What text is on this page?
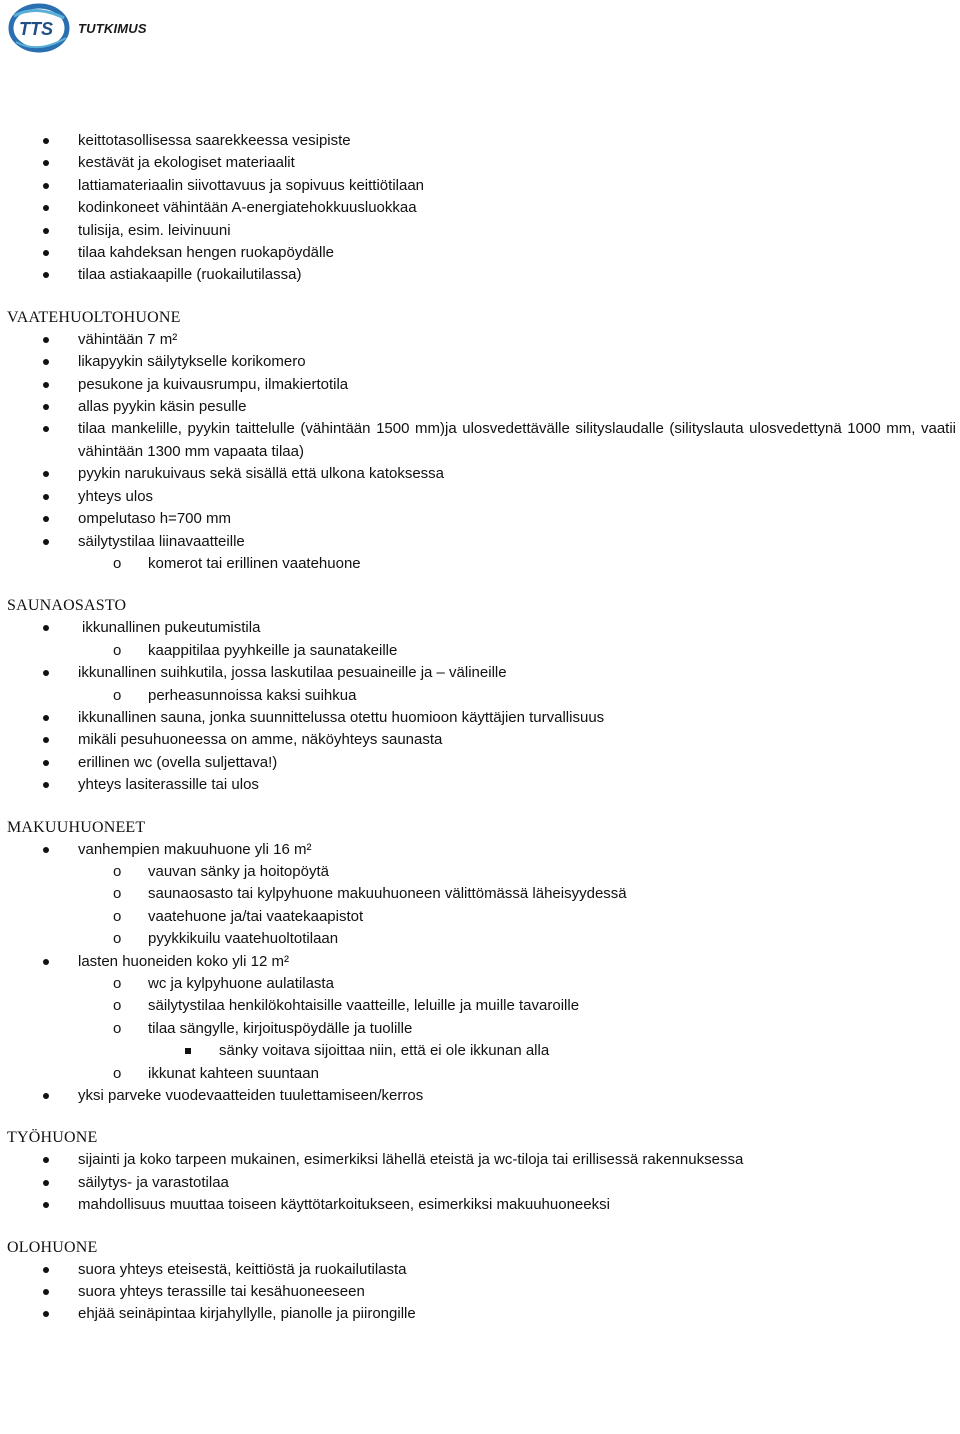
TTS TUTKIMUS
keittotasollisessa saarekkeessa vesipiste
kestävät ja ekologiset materiaalit
lattiamateriaalin siivottavuus ja sopivuus keittiötilaan
kodinkoneet vähintään A-energiatehokkuusluokkaa
tulisija, esim. leivinuuni
tilaa kahdeksan hengen ruokapöydälle
tilaa astiakaapille (ruokailutilassa)
VAATEHUOLTOHUONE
vähintään 7 m²
likapyykin säilytykselle korikomero
pesukone ja kuivausrumpu, ilmakiertotila
allas pyykin käsin pesulle
tilaa mankelille, pyykin taittelulle (vähintään 1500 mm)ja ulosvedettävälle silityslaudalle (silityslauta ulosvedettynä 1000 mm, vaatii vähintään 1300 mm vapaata tilaa)
pyykin narukuivaus sekä sisällä että ulkona katoksessa
yhteys ulos
ompelutaso h=700 mm
säilytystilaa liinavaatteille
o komerot tai erillinen vaatehuone
SAUNAOSASTO
ikkunallinen pukeutumistila
o kaappitilaa pyyhkeille ja saunatakeille
ikkunallinen suihkutila, jossa laskutilaa pesuaineille ja – välineille
o perheasunnoissa kaksi suihkua
ikkunallinen sauna, jonka suunnittelussa otettu huomioon käyttäjien turvallisuus
mikäli pesuhuoneessa on amme, näköyhteys saunasta
erillinen wc (ovella suljettava!)
yhteys lasiterassille tai ulos
MAKUUHUONEET
vanhempien makuuhuone yli 16 m²
o vauvan sänky ja hoitopöytä
o saunaosasto tai kylpyhuone makuuhuoneen välittömässä läheisyydessä
o vaatehuone ja/tai vaatekaapistot
o pyykkikuilu vaatehuoltotilaan
lasten huoneiden koko yli 12 m²
o wc ja kylpyhuone aulatilasta
o säilytystilaa henkilökohtaisille vaatteille, leluille ja muille tavaroille
o tilaa sängylle, kirjoituspöydälle ja tuolille
sänky voitava sijoittaa niin, että ei ole ikkunan alla
o ikkunat kahteen suuntaan
yksi parveke vuodevaatteiden tuulettamiseen/kerros
TYÖHUONE
sijainti ja koko tarpeen mukainen, esimerkiksi lähellä eteistä ja wc-tiloja tai erillisessä rakennuksessa
säilytys- ja varastotilaa
mahdollisuus muuttaa toiseen käyttötarkoitukseen, esimerkiksi makuuhuoneeksi
OLOHUONE
suora yhteys eteisestä, keittiöstä ja ruokailutilasta
suora yhteys terassille tai kesähuoneeseen
ehjää seinäpintaa kirjahyllylle, pianolle ja piirongille
